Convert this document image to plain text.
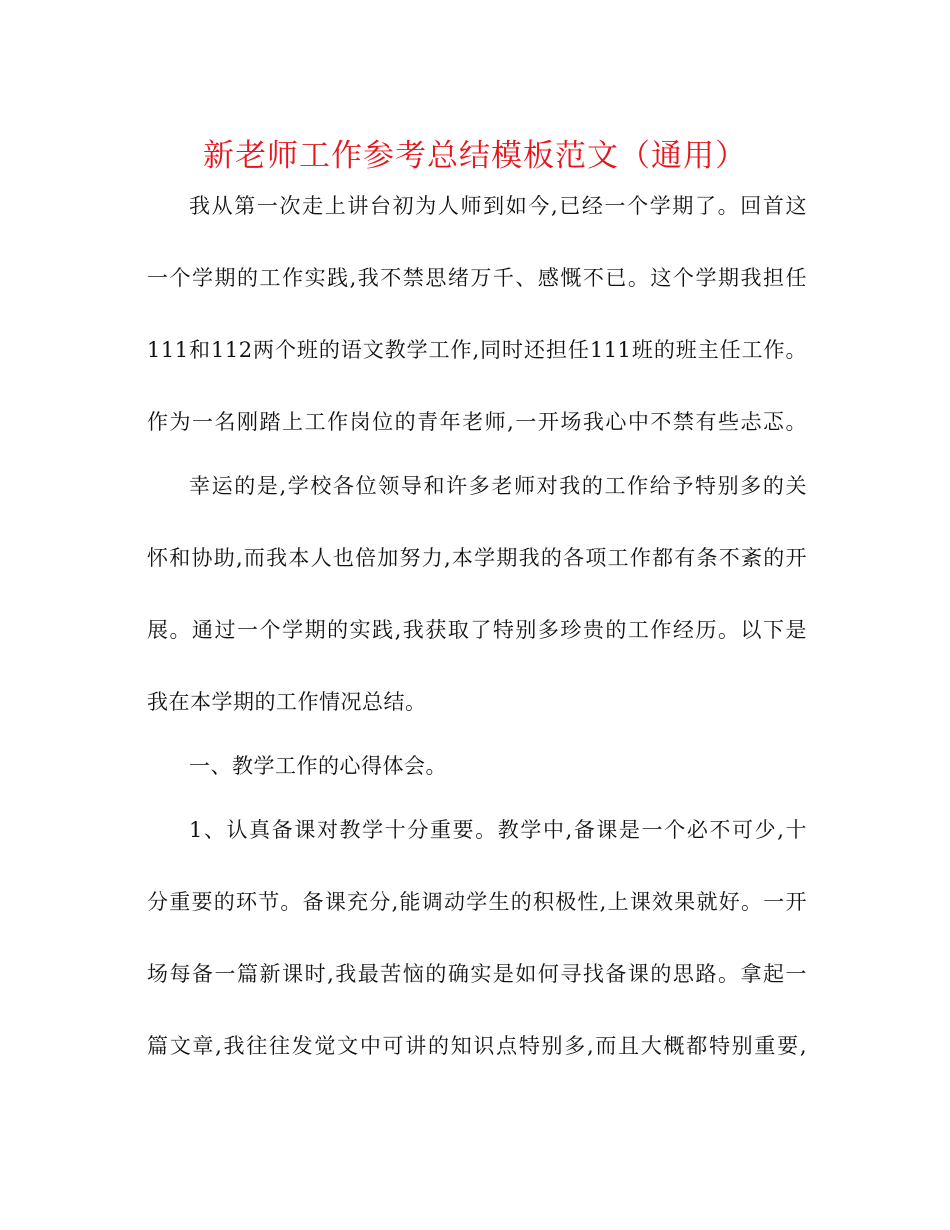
新老师工作参考总结模板范文（通用）
我从第一次走上讲台初为人师到如今,已经一个学期了。回首这
一个学期的工作实践,我不禁思绪万千、感慨不已。这个学期我担任
111和112两个班的语文教学工作,同时还担任111班的班主任工作。
作为一名刚踏上工作岗位的青年老师,一开场我心中不禁有些忐忑。
幸运的是,学校各位领导和许多老师对我的工作给予特别多的关
怀和协助,而我本人也倍加努力,本学期我的各项工作都有条不紊的开
展。通过一个学期的实践,我获取了特别多珍贵的工作经历。以下是
我在本学期的工作情况总结。
一、教学工作的心得体会。
1、认真备课对教学十分重要。教学中,备课是一个必不可少,十
分重要的环节。备课充分,能调动学生的积极性,上课效果就好。一开
场每备一篇新课时,我最苦恼的确实是如何寻找备课的思路。拿起一
篇文章,我往往发觉文中可讲的知识点特别多,而且大概都特别重要,
